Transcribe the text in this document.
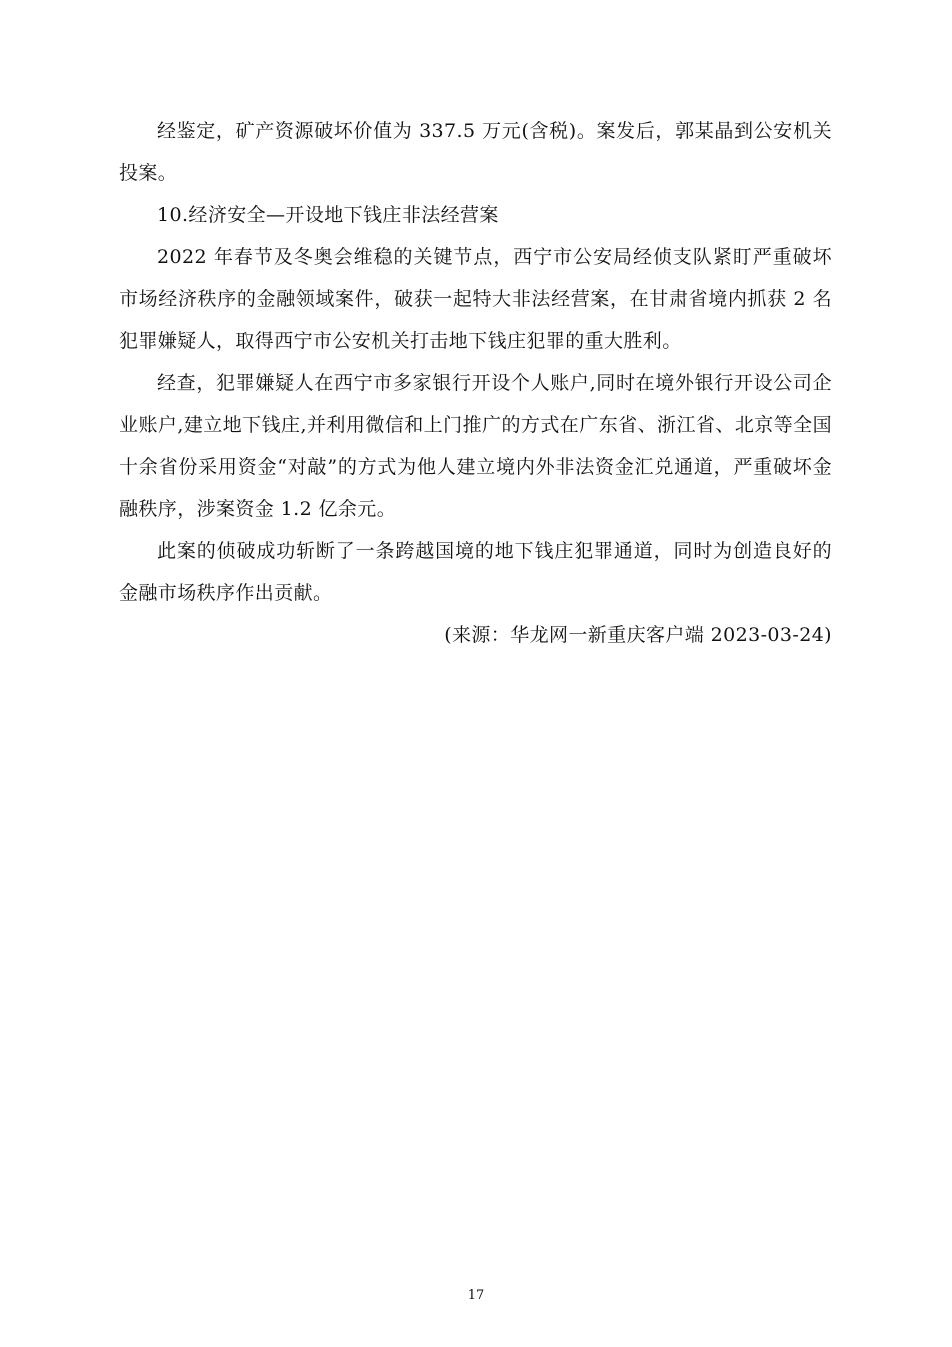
经鉴定，矿产资源破坏价值为 337.5 万元(含税)。案发后，郭某晶到公安机关投案。

10.经济安全—开设地下钱庄非法经营案

2022 年春节及冬奥会维稳的关键节点，西宁市公安局经侦支队紧盯严重破坏市场经济秩序的金融领域案件，破获一起特大非法经营案，在甘肃省境内抓获 2 名犯罪嫌疑人，取得西宁市公安机关打击地下钱庄犯罪的重大胜利。

经查，犯罪嫌疑人在西宁市多家银行开设个人账户,同时在境外银行开设公司企业账户,建立地下钱庄,并利用微信和上门推广的方式在广东省、浙江省、北京等全国十余省份采用资金“对敲”的方式为他人建立境内外非法资金汇兑通道，严重破坏金融秩序，涉案资金 1.2 亿余元。

此案的侦破成功斩断了一条跨越国境的地下钱庄犯罪通道，同时为创造良好的金融市场秩序作出贡献。

(来源：华龙网一新重庆客户端 2023-03-24)

17
